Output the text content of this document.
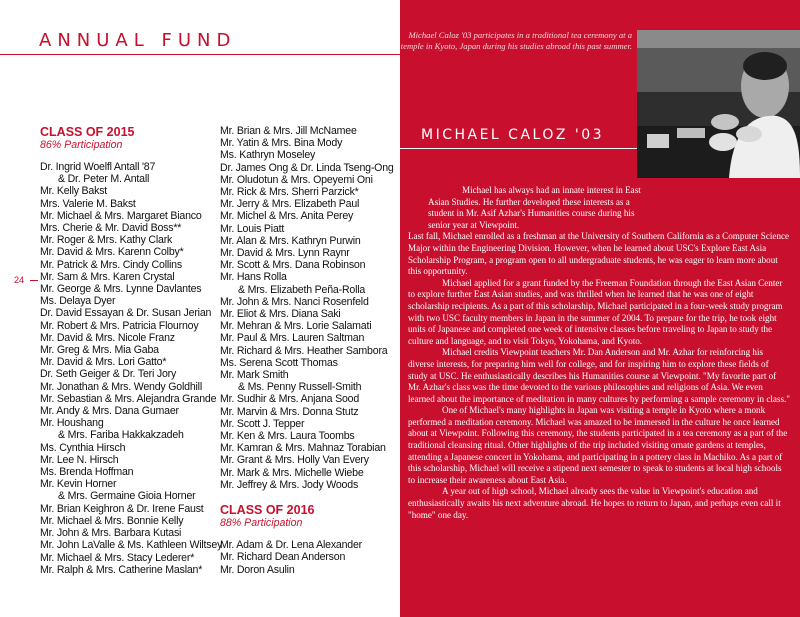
ANNUAL FUND
24
CLASS OF 2015
86% Participation
Dr. Ingrid Woelfl Antall '87
& Dr. Peter M. Antall
Mr. Kelly Bakst
Mrs. Valerie M. Bakst
Mr. Michael & Mrs. Margaret Bianco
Mrs. Cherie & Mr. David Boss**
Mr. Roger & Mrs. Kathy Clark
Mr. David & Mrs. Karenn Colby*
Mr. Patrick & Mrs. Cindy Collins
Mr. Sam & Mrs. Karen Crystal
Mr. George & Mrs. Lynne Davlantes
Ms. Delaya Dyer
Dr. David Essayan & Dr. Susan Jerian
Mr. Robert & Mrs. Patricia Flournoy
Mr. David & Mrs. Nicole Franz
Mr. Greg & Mrs. Mia Gaba
Mr. David & Mrs. Lori Gatto*
Dr. Seth Geiger & Dr. Teri Jory
Mr. Jonathan & Mrs. Wendy Goldhill
Mr. Sebastian & Mrs. Alejandra Grande
Mr. Andy & Mrs. Dana Gumaer
Mr. Houshang
& Mrs. Fariba Hakkakzadeh
Ms. Cynthia Hirsch
Mr. Lee N. Hirsch
Ms. Brenda Hoffman
Mr. Kevin Horner
& Mrs. Germaine Gioia Horner
Mr. Brian Keighron & Dr. Irene Faust
Mr. Michael & Mrs. Bonnie Kelly
Mr. John & Mrs. Barbara Kutasi
Mr. John LaValle & Ms. Kathleen Wiltsey
Mr. Michael & Mrs. Stacy Lederer*
Mr. Ralph & Mrs. Catherine Maslan*
Mr. Brian & Mrs. Jill McNamee
Mr. Yatin & Mrs. Bina Mody
Ms. Kathryn Moseley
Dr. James Ong & Dr. Linda Tseng-Ong
Mr. Oludotun & Mrs. Opeyemi Oni
Mr. Rick & Mrs. Sherri Parzick*
Mr. Jerry & Mrs. Elizabeth Paul
Mr. Michel & Mrs. Anita Perey
Mr. Louis Piatt
Mr. Alan & Mrs. Kathryn Purwin
Mr. David & Mrs. Lynn Raynr
Mr. Scott & Mrs. Dana Robinson
Mr. Hans Rolla
& Mrs. Elizabeth Peña-Rolla
Mr. John & Mrs. Nanci Rosenfeld
Mr. Eliot & Mrs. Diana Saki
Mr. Mehran & Mrs. Lorie Salamati
Mr. Paul & Mrs. Lauren Saltman
Mr. Richard & Mrs. Heather Sambora
Ms. Serena Scott Thomas
Mr. Mark Smith
& Ms. Penny Russell-Smith
Mr. Sudhir & Mrs. Anjana Sood
Mr. Marvin & Mrs. Donna Stutz
Mr. Scott J. Tepper
Mr. Ken & Mrs. Laura Toombs
Mr. Kamran & Mrs. Mahnaz Torabian
Mr. Grant & Mrs. Holly Van Every
Mr. Mark & Mrs. Michelle Wiebe
Mr. Jeffrey & Mrs. Jody Woods
CLASS OF 2016
88% Participation
Mr. Adam & Dr. Lena Alexander
Mr. Richard Dean Anderson
Mr. Doron Asulin
Michael Caloz '03 participates in a traditional tea ceremony at a temple in Kyoto, Japan during his studies abroad this past summer.
MICHAEL CALOZ '03

Michael has always had an innate interest in East Asian Studies. He further developed these interests as a student in Mr. Asif Azhar's Humanities course during his senior year at Viewpoint.

Last fall, Michael enrolled as a freshman at the University of Southern California as a Computer Science Major within the Engineering Division. However, when he learned about USC's Explore East Asia Scholarship Program, a program open to all undergraduate students, he was eager to learn more about this opportunity.

Michael applied for a grant funded by the Freeman Foundation through the East Asian Center to explore further East Asian studies, and was thrilled when he learned that he was one of eight scholarship recipients. As a part of this scholarship, Michael participated in a four-week study program with two USC faculty members in Japan in the summer of 2004. To prepare for the trip, he took eight units of Japanese and completed one week of intensive classes before traveling to Japan to study the culture and language, and to visit Tokyo, Yokohama, and Kyoto.

Michael credits Viewpoint teachers Mr. Dan Anderson and Mr. Azhar for reinforcing his diverse interests, for preparing him well for college, and for inspiring him to explore these fields of study at USC. He enthusiastically describes his Humanities course at Viewpoint. "My favorite part of Mr. Azhar's class was the time devoted to the various philosophies and religions of Asia. We even learned about the importance of meditation in many cultures by performing a sample ceremony in class."

One of Michael's many highlights in Japan was visiting a temple in Kyoto where a monk performed a meditation ceremony. Michael was amazed to be immersed in the culture he once learned about at Viewpoint. Following this ceremony, the students participated in a tea ceremony as a part of the traditional cleansing ritual. Other highlights of the trip included visiting ornate gardens at temples, attending a Japanese concert in Yokohama, and participating in a pottery class in Machiko. As a part of this scholarship, Michael will receive a stipend next semester to speak to students at local high schools to increase their awareness about East Asia.

A year out of high school, Michael already sees the value in Viewpoint's education and enthusiastically awaits his next adventure abroad. He hopes to return to Japan, and perhaps even call it "home" one day.
